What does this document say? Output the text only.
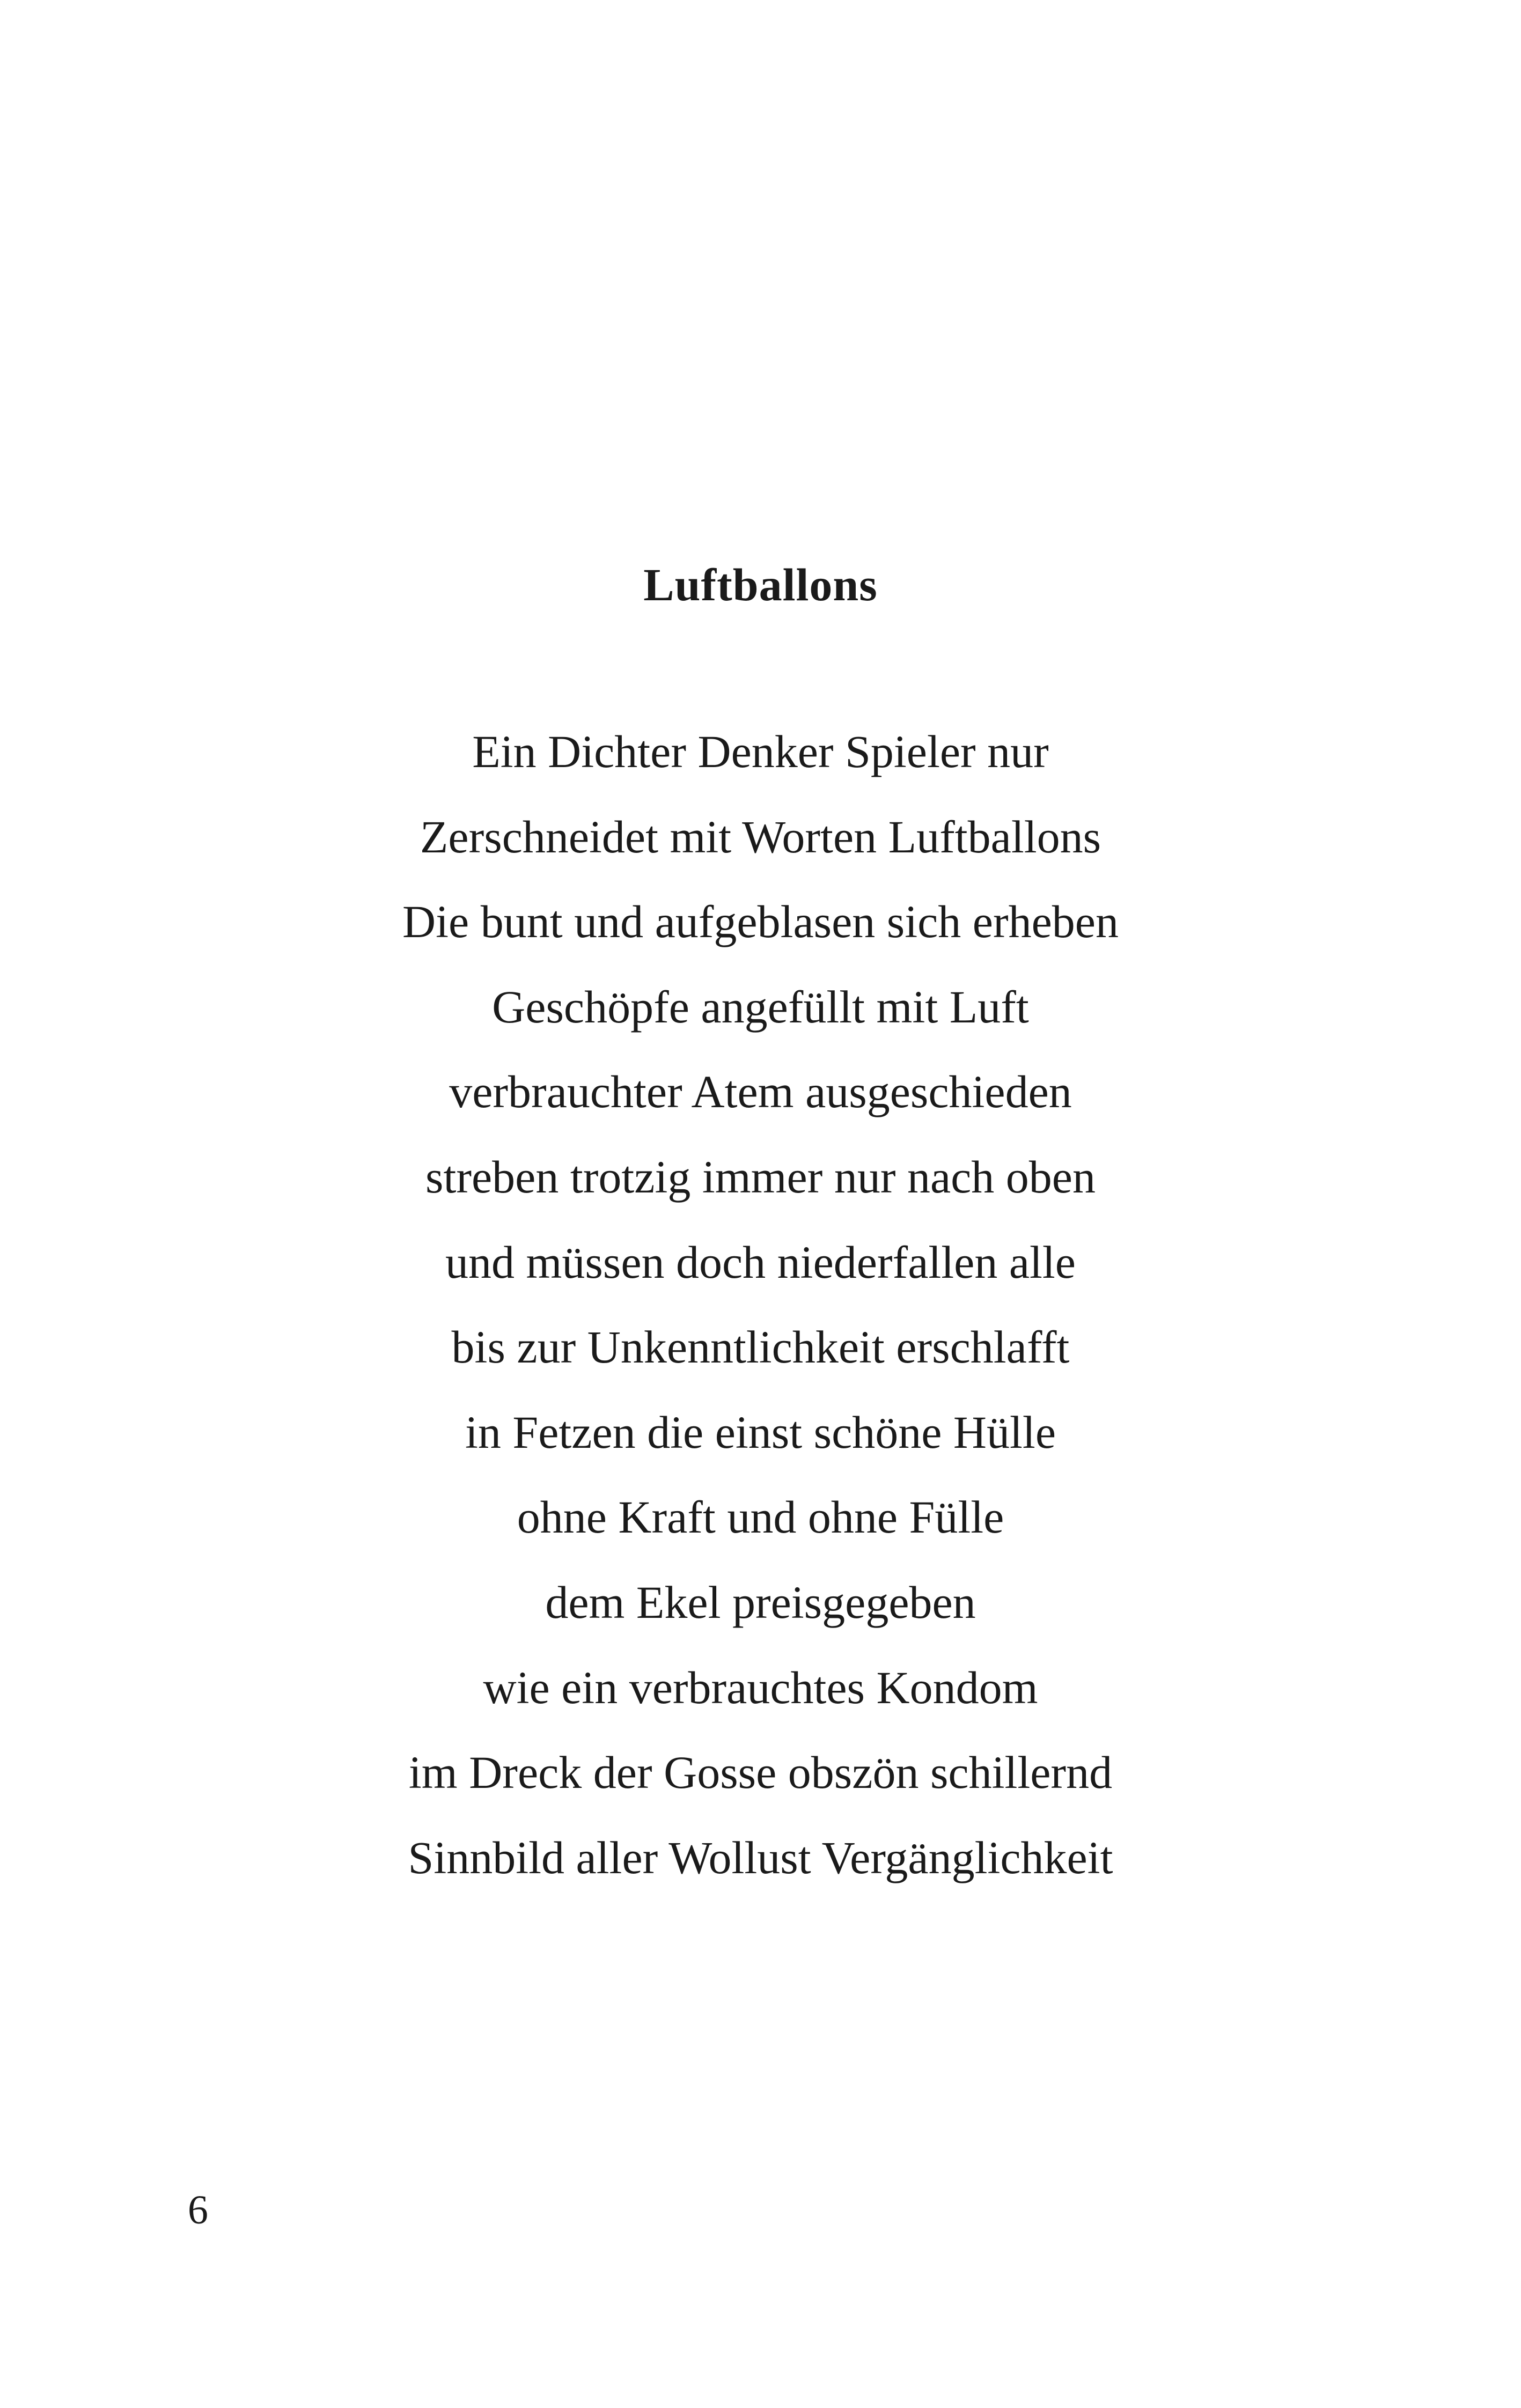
Luftballons
Ein Dichter Denker Spieler nur
Zerschneidet mit Worten Luftballons
Die bunt und aufgeblasen sich erheben
Geschöpfe angefüllt mit Luft
verbrauchter Atem ausgeschieden
streben trotzig immer nur nach oben
und müssen doch niederfallen alle
bis zur Unkenntlichkeit erschlafft
in Fetzen die einst schöne Hülle
ohne Kraft und ohne Fülle
dem Ekel preisgegeben
wie ein verbrauchtes Kondom
im Dreck der Gosse obszön schillernd
Sinnbild aller Wollust Vergänglichkeit
6
